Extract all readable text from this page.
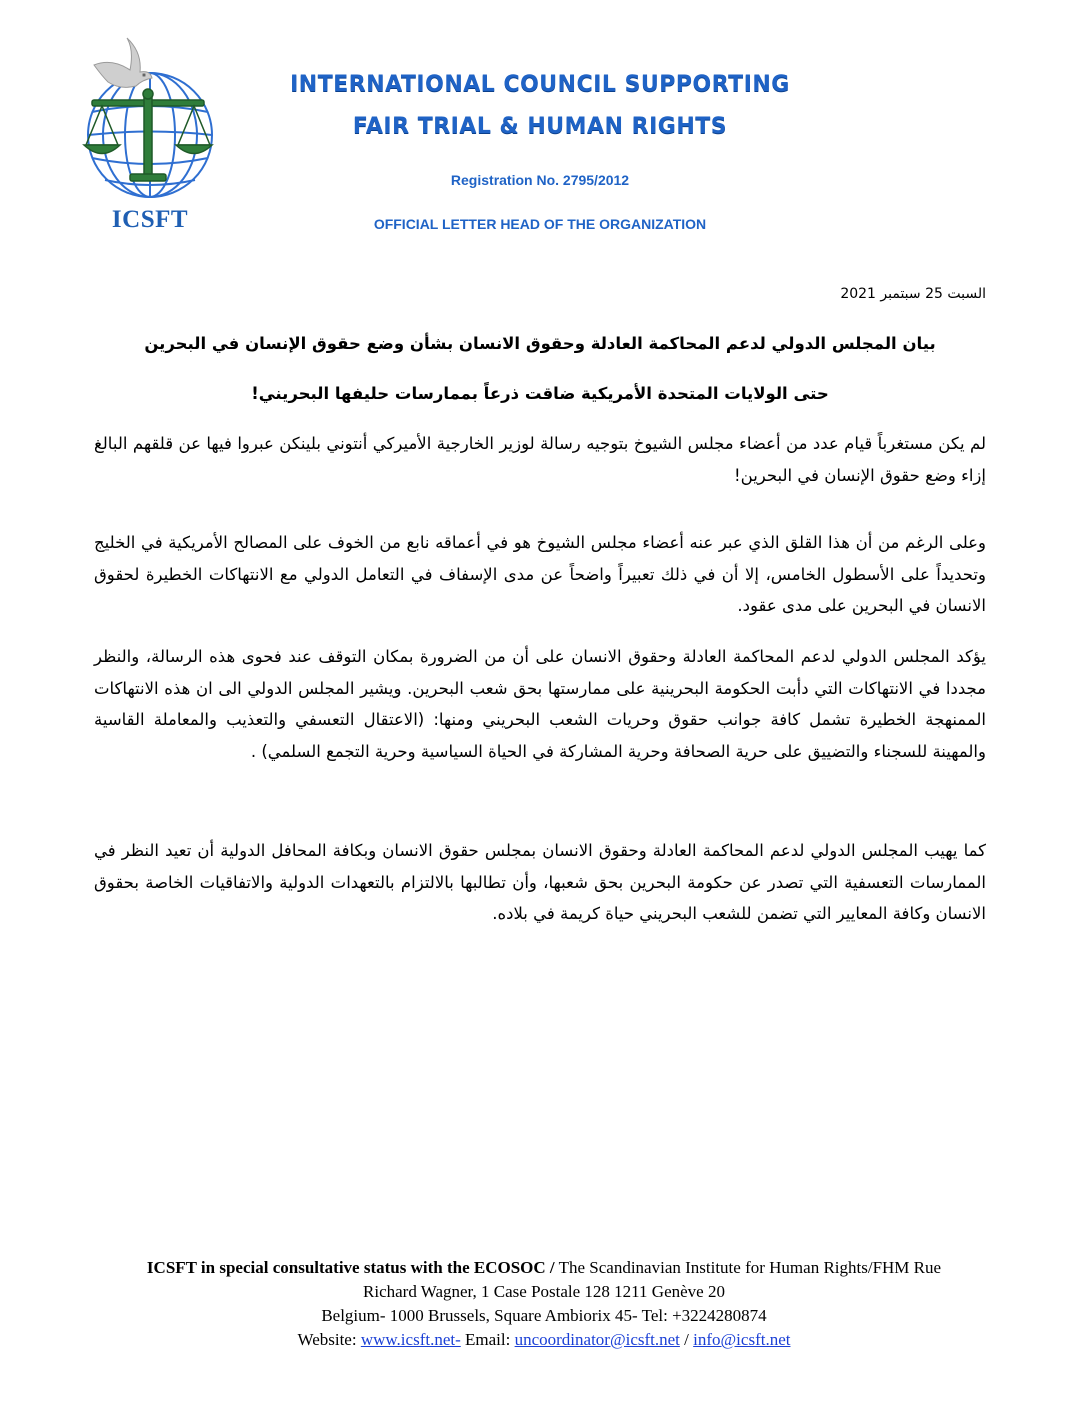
ICSFT
INTERNATIONAL COUNCIL SUPPORTING
FAIR TRIAL & HUMAN RIGHTS
Registration No. 2795/2012
OFFICIAL LETTER HEAD OF THE ORGANIZATION
السبت 25 سبتمبر 2021
بيان المجلس الدولي لدعم المحاكمة العادلة وحقوق الانسان بشأن وضع حقوق الإنسان في البحرين
حتى الولايات المتحدة الأمريكية ضاقت ذرعاً بممارسات حليفها البحريني!
لم يكن مستغرباً قيام عدد من أعضاء مجلس الشيوخ بتوجيه رسالة لوزير الخارجية الأميركي أنتوني بلينكن عبروا فيها عن قلقهم البالغ إزاء وضع حقوق الإنسان في البحرين!
وعلى الرغم من أن هذا القلق الذي عبر عنه أعضاء مجلس الشيوخ هو في أعماقه نابع من الخوف على المصالح الأمريكية في الخليج وتحديداً على الأسطول الخامس، إلا أن في ذلك تعبيراً واضحاً عن مدى الإسفاف في التعامل الدولي مع الانتهاكات الخطيرة لحقوق الانسان في البحرين على مدى عقود.
يؤكد المجلس الدولي لدعم المحاكمة العادلة وحقوق الانسان على أن من الضرورة بمكان التوقف عند فحوى هذه الرسالة، والنظر مجددا في الانتهاكات التي دأبت الحكومة البحرينية على ممارستها بحق شعب البحرين. ويشير المجلس الدولي الى ان هذه الانتهاكات الممنهجة الخطيرة تشمل كافة جوانب حقوق وحريات الشعب البحريني ومنها: (الاعتقال التعسفي والتعذيب والمعاملة القاسية والمهينة للسجناء والتضييق على حرية الصحافة وحرية المشاركة في الحياة السياسية وحرية التجمع السلمي) .
كما يهيب المجلس الدولي لدعم المحاكمة العادلة وحقوق الانسان بمجلس حقوق الانسان وبكافة المحافل الدولية أن تعيد النظر في الممارسات التعسفية التي تصدر عن حكومة البحرين بحق شعبها، وأن تطالبها بالالتزام بالتعهدات الدولية والاتفاقيات الخاصة بحقوق الانسان وكافة المعايير التي تضمن للشعب البحريني حياة كريمة في بلاده.
ICSFT in special consultative status with the ECOSOC / The Scandinavian Institute for Human Rights/FHM Rue Richard Wagner, 1 Case Postale 128 1211 Genève 20
Belgium- 1000 Brussels, Square Ambiorix 45- Tel: +3224280874
Website: www.icsft.net- Email: uncoordinator@icsft.net / info@icsft.net
